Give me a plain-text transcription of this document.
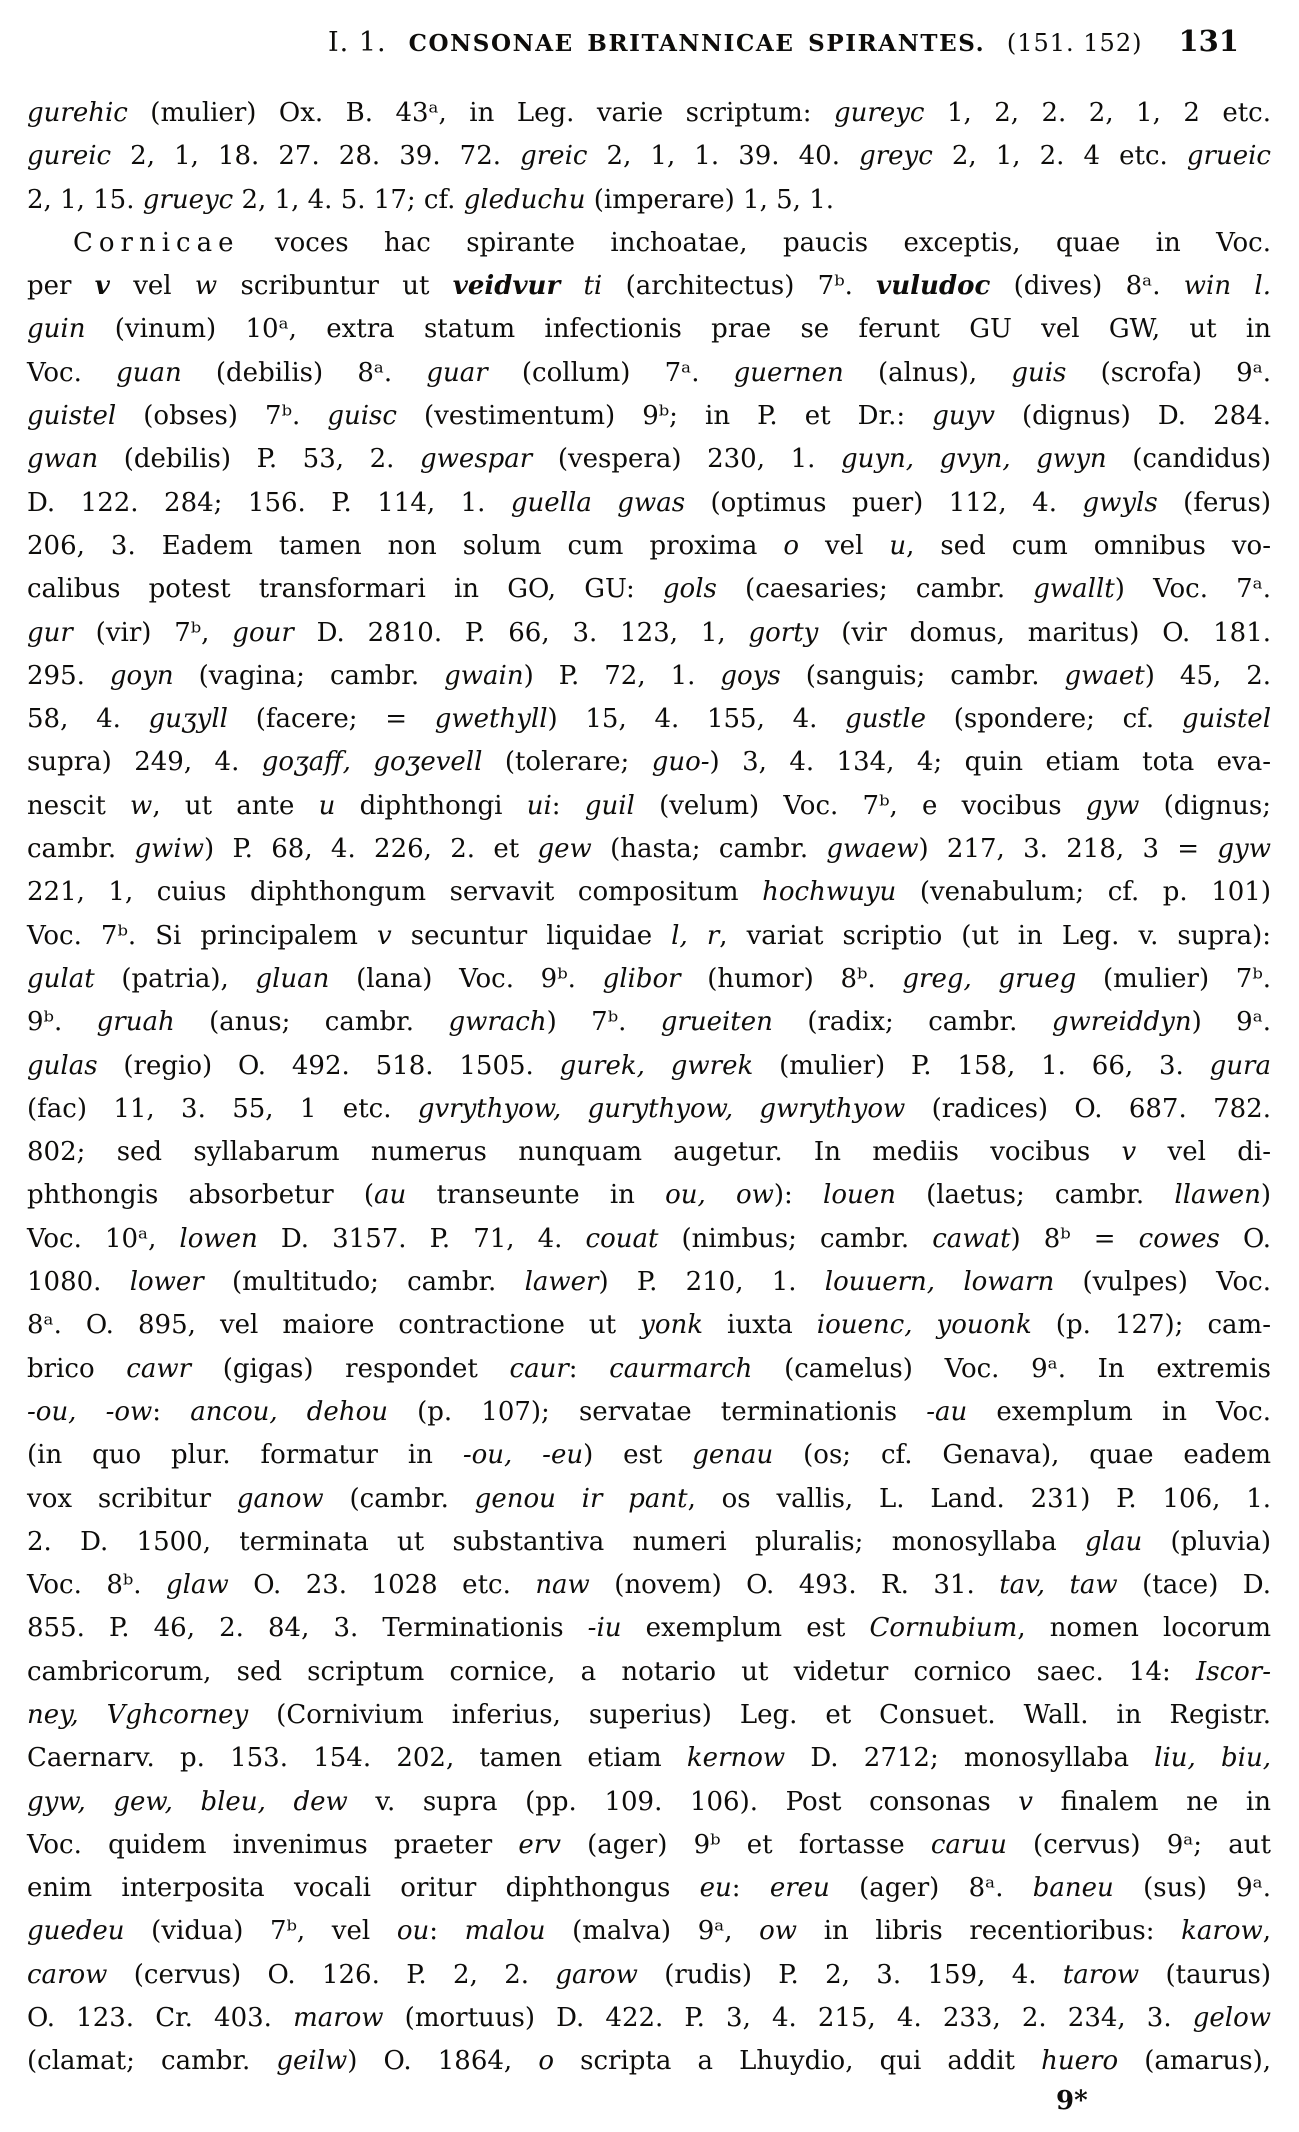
I. 1. CONSONAE BRITANNICAE SPIRANTES. (151. 152) 131
gurehic (mulier) Ox. B. 43ᵃ, in Leg. varie scriptum: gureyc 1, 2, 2. 2, 1, 2 etc.
gureic 2, 1, 18. 27. 28. 39. 72. greic 2, 1, 1. 39. 40. greyc 2, 1, 2. 4 etc. grueic
2, 1, 15. grueyc 2, 1, 4. 5. 17; cf. gleduchu (imperare) 1, 5, 1.
Cornicae voces hac spirante inchoatae, paucis exceptis, quae in Voc.
per v vel w scribuntur ut veidvur ti (architectus) 7ᵇ. vuludoc (dives) 8ᵃ. win l.
guin (vinum) 10ᵃ, extra statum infectionis prae se ferunt GU vel GW, ut in
Voc. guan (debilis) 8ᵃ. guar (collum) 7ᵃ. guernen (alnus), guis (scrofa) 9ᵃ.
guistel (obses) 7ᵇ. guisc (vestimentum) 9ᵇ; in P. et Dr.: guyv (dignus) D. 284.
gwan (debilis) P. 53, 2. gwespar (vespera) 230, 1. guyn, gvyn, gwyn (candidus)
D. 122. 284; 156. P. 114, 1. guella gwas (optimus puer) 112, 4. gwyls (ferus)
206, 3. Eadem tamen non solum cum proxima o vel u, sed cum omnibus vo-
calibus potest transformari in GO, GU: gols (caesaries; cambr. gwallt) Voc. 7ᵃ.
gur (vir) 7ᵇ, gour D. 2810. P. 66, 3. 123, 1, gorty (vir domus, maritus) O. 181.
295. goyn (vagina; cambr. gwain) P. 72, 1. goys (sanguis; cambr. gwaet) 45, 2.
58, 4. guʒyll (facere; = gwethyll) 15, 4. 155, 4. gustle (spondere; cf. guistel
supra) 249, 4. goʒaff, goʒevell (tolerare; guo-) 3, 4. 134, 4; quin etiam tota eva-
nescit w, ut ante u diphthongi ui: guil (velum) Voc. 7ᵇ, e vocibus gyw (dignus;
cambr. gwiw) P. 68, 4. 226, 2. et gew (hasta; cambr. gwaew) 217, 3. 218, 3 = gyw
221, 1, cuius diphthongum servavit compositum hochwuyu (venabulum; cf. p. 101)
Voc. 7ᵇ. Si principalem v secuntur liquidae l, r, variat scriptio (ut in Leg. v. supra):
gulat (patria), gluan (lana) Voc. 9ᵇ. glibor (humor) 8ᵇ. greg, grueg (mulier) 7ᵇ.
9ᵇ. gruah (anus; cambr. gwrach) 7ᵇ. grueiten (radix; cambr. gwreiddyn) 9ᵃ.
gulas (regio) O. 492. 518. 1505. gurek, gwrek (mulier) P. 158, 1. 66, 3. gura
(fac) 11, 3. 55, 1 etc. gvrythyow, gurythyow, gwrythyow (radices) O. 687. 782.
802; sed syllabarum numerus nunquam augetur. In mediis vocibus v vel di-
phthongis absorbetur (au transeunte in ou, ow): louen (laetus; cambr. llawen)
Voc. 10ᵃ, lowen D. 3157. P. 71, 4. couat (nimbus; cambr. cawat) 8ᵇ = cowes O.
1080. lower (multitudo; cambr. lawer) P. 210, 1. louuern, lowarn (vulpes) Voc.
8ᵃ. O. 895, vel maiore contractione ut yonk iuxta iouenc, youonk (p. 127); cam-
brico cawr (gigas) respondet caur: caurmarch (camelus) Voc. 9ᵃ. In extremis
-ou, -ow: ancou, dehou (p. 107); servatae terminationis -au exemplum in Voc.
(in quo plur. formatur in -ou, -eu) est genau (os; cf. Genava), quae eadem
vox scribitur ganow (cambr. genou ir pant, os vallis, L. Land. 231) P. 106, 1.
2. D. 1500, terminata ut substantiva numeri pluralis; monosyllaba glau (pluvia)
Voc. 8ᵇ. glaw O. 23. 1028 etc. naw (novem) O. 493. R. 31. tav, taw (tace) D.
855. P. 46, 2. 84, 3. Terminationis -iu exemplum est Cornubium, nomen locorum
cambricorum, sed scriptum cornice, a notario ut videtur cornico saec. 14: Iscor-
ney, Vghcorney (Cornivium inferius, superius) Leg. et Consuet. Wall. in Registr.
Caernarv. p. 153. 154. 202, tamen etiam kernow D. 2712; monosyllaba liu, biu,
gyw, gew, bleu, dew v. supra (pp. 109. 106). Post consonas v finalem ne in
Voc. quidem invenimus praeter erv (ager) 9ᵇ et fortasse caruu (cervus) 9ᵃ; aut
enim interposita vocali oritur diphthongus eu: ereu (ager) 8ᵃ. baneu (sus) 9ᵃ.
guedeu (vidua) 7ᵇ, vel ou: malou (malva) 9ᵃ, ow in libris recentioribus: karow,
carow (cervus) O. 126. P. 2, 2. garow (rudis) P. 2, 3. 159, 4. tarow (taurus)
O. 123. Cr. 403. marow (mortuus) D. 422. P. 3, 4. 215, 4. 233, 2. 234, 3. gelow
(clamat; cambr. geilw) O. 1864, o scripta a Lhuydio, qui addit huero (amarus),
9*
